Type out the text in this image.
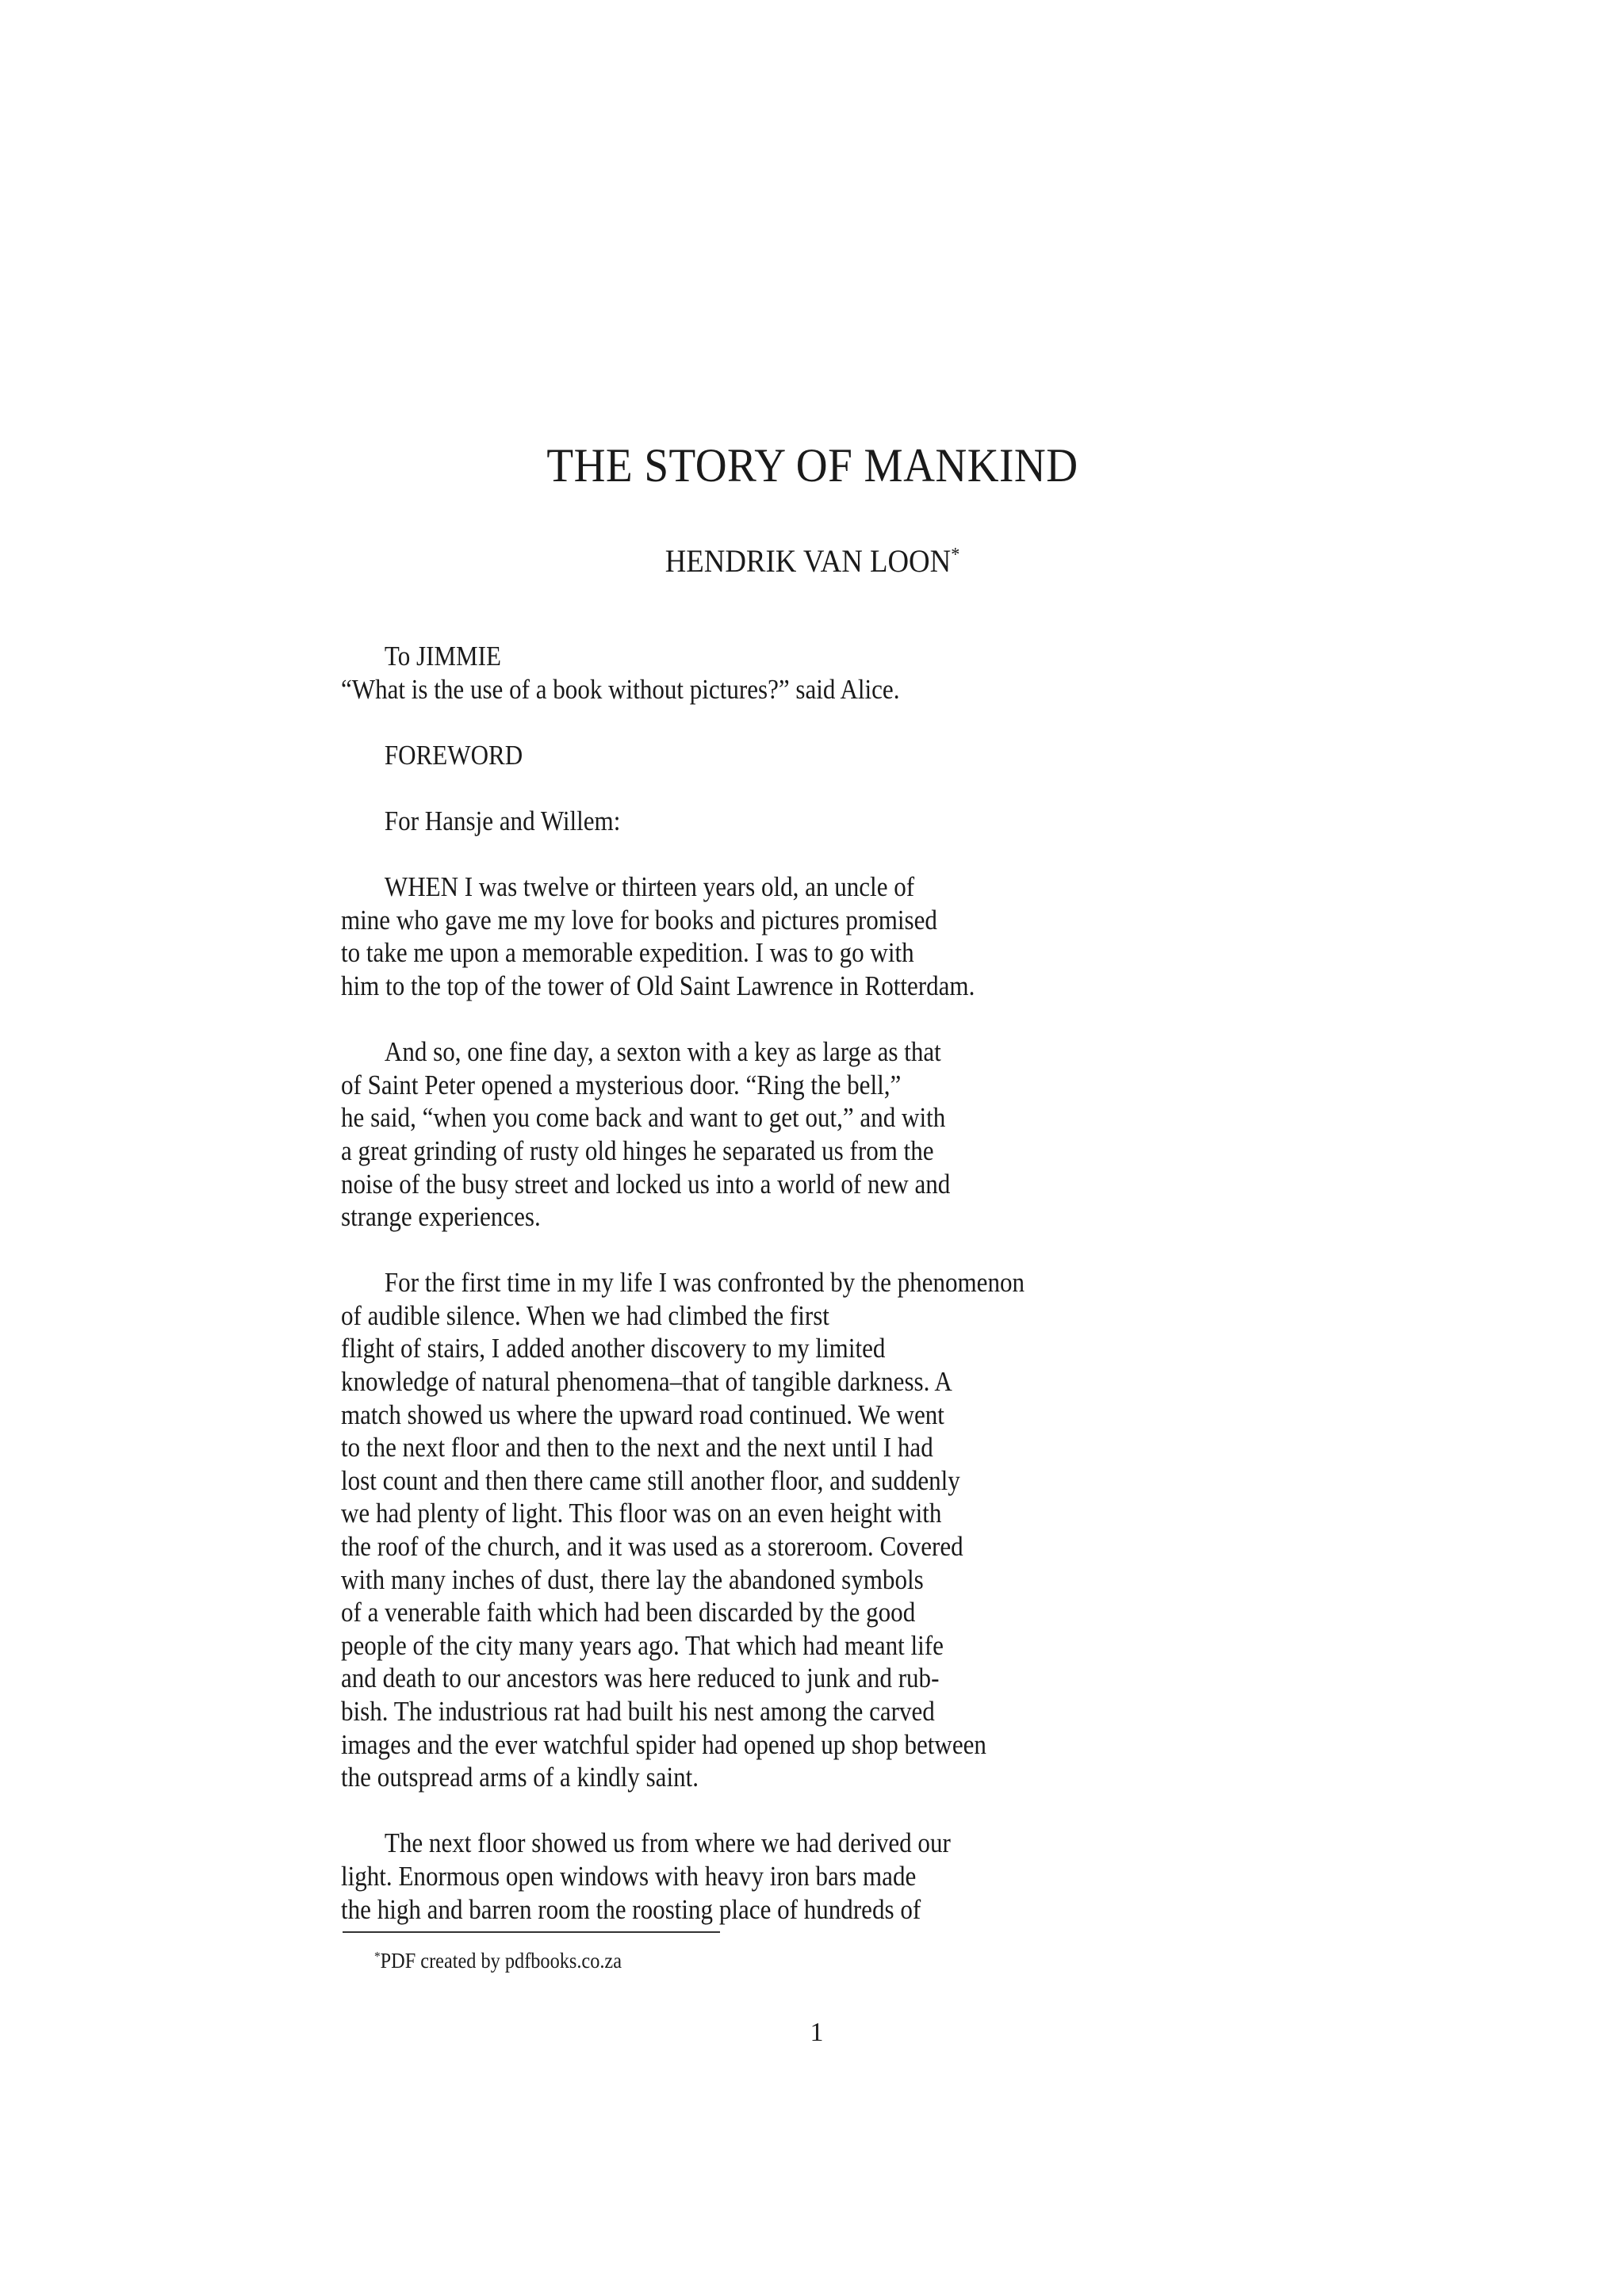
THE STORY OF MANKIND
HENDRIK VAN LOON*
To JIMMIE
“What is the use of a book without pictures?” said Alice.
FOREWORD
For Hansje and Willem:
WHEN I was twelve or thirteen years old, an uncle of
mine who gave me my love for books and pictures promised
to take me upon a memorable expedition. I was to go with
him to the top of the tower of Old Saint Lawrence in Rotterdam.
And so, one fine day, a sexton with a key as large as that
of Saint Peter opened a mysterious door. “Ring the bell,”
he said, “when you come back and want to get out,” and with
a great grinding of rusty old hinges he separated us from the
noise of the busy street and locked us into a world of new and
strange experiences.
For the first time in my life I was confronted by the phenomenon
of audible silence. When we had climbed the first
flight of stairs, I added another discovery to my limited
knowledge of natural phenomena–that of tangible darkness. A
match showed us where the upward road continued. We went
to the next floor and then to the next and the next until I had
lost count and then there came still another floor, and suddenly
we had plenty of light. This floor was on an even height with
the roof of the church, and it was used as a storeroom. Covered
with many inches of dust, there lay the abandoned symbols
of a venerable faith which had been discarded by the good
people of the city many years ago. That which had meant life
and death to our ancestors was here reduced to junk and rub-
bish. The industrious rat had built his nest among the carved
images and the ever watchful spider had opened up shop between
the outspread arms of a kindly saint.
The next floor showed us from where we had derived our
light. Enormous open windows with heavy iron bars made
the high and barren room the roosting place of hundreds of
*PDF created by pdfbooks.co.za
1
